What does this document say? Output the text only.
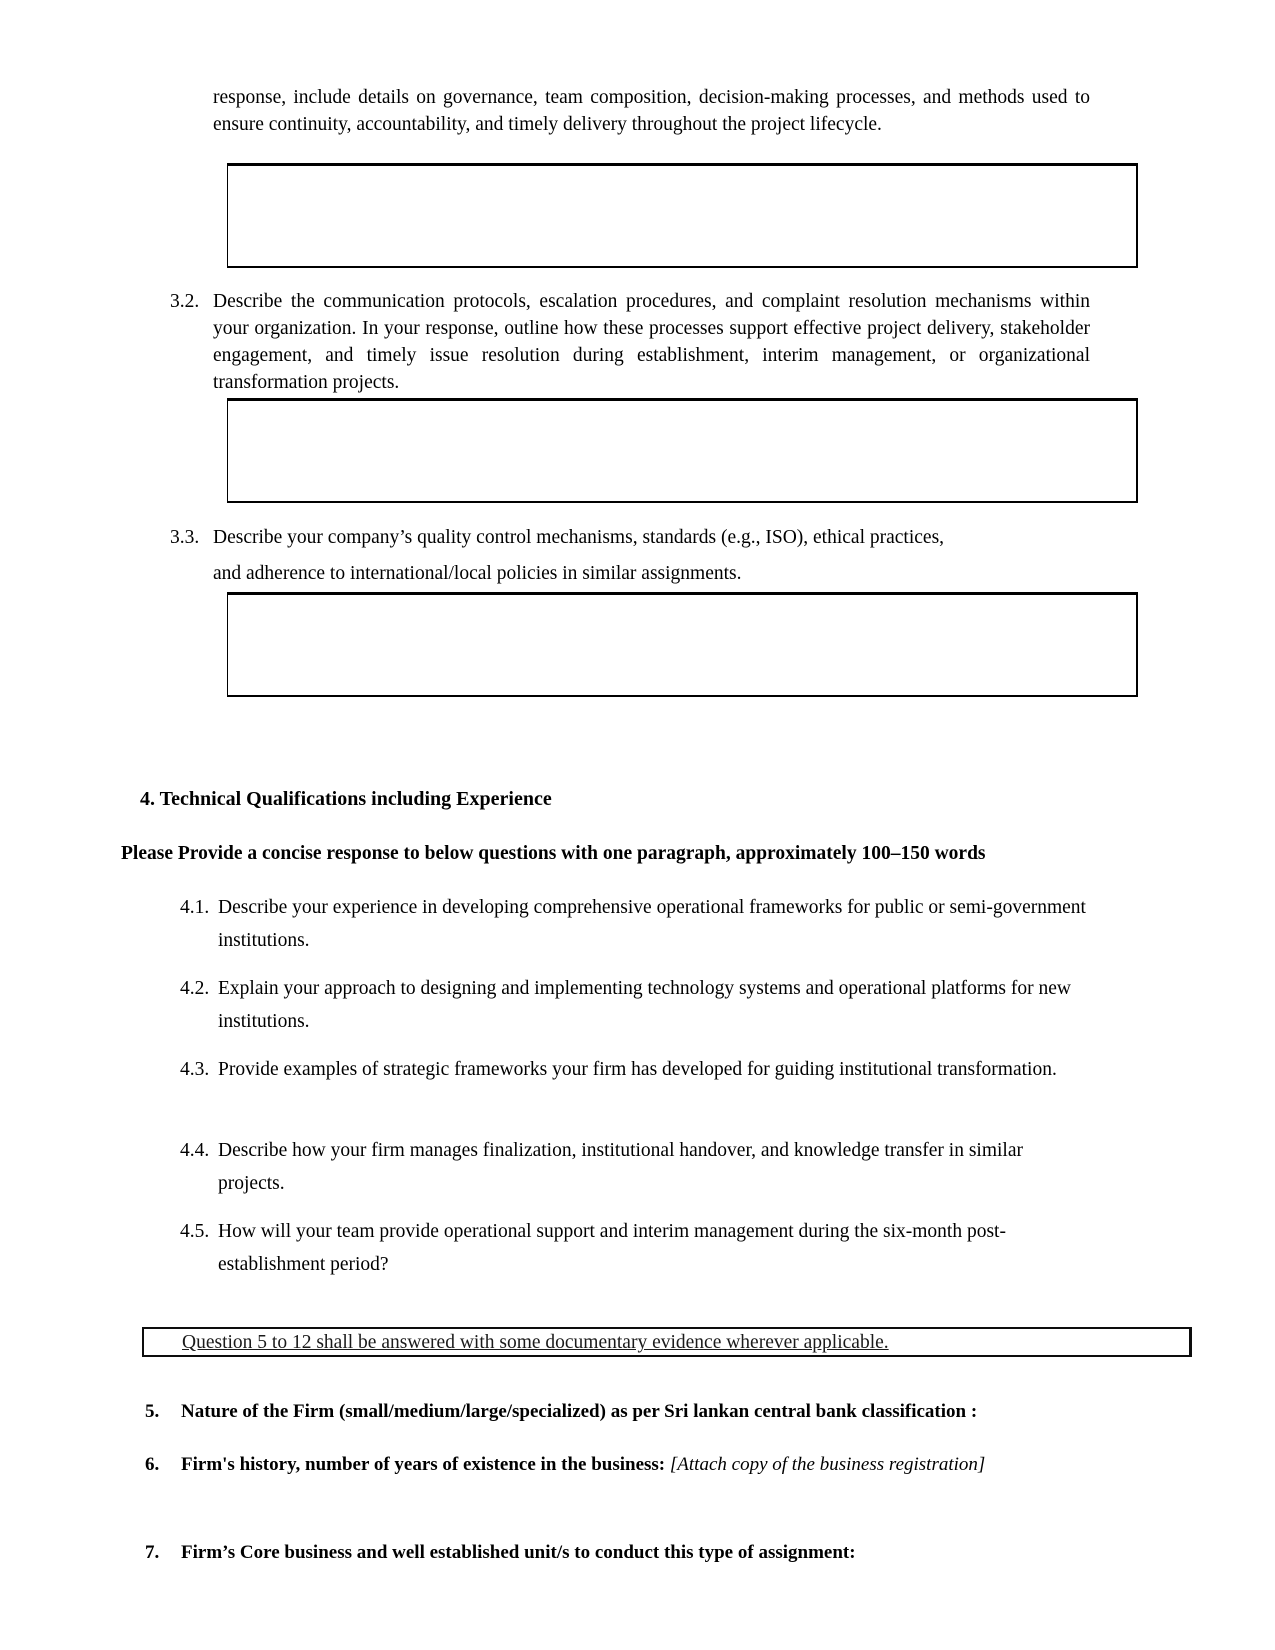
response, include details on governance, team composition, decision-making processes, and methods used to ensure continuity, accountability, and timely delivery throughout the project lifecycle.
3.2. Describe the communication protocols, escalation procedures, and complaint resolution mechanisms within your organization. In your response, outline how these processes support effective project delivery, stakeholder engagement, and timely issue resolution during establishment, interim management, or organizational transformation projects.
3.3. Describe your company’s quality control mechanisms, standards (e.g., ISO), ethical practices, and adherence to international/local policies in similar assignments.
4. Technical Qualifications including Experience
Please Provide a concise response to below questions with one paragraph, approximately 100–150 words
4.1. Describe your experience in developing comprehensive operational frameworks for public or semi-government institutions.
4.2. Explain your approach to designing and implementing technology systems and operational platforms for new institutions.
4.3. Provide examples of strategic frameworks your firm has developed for guiding institutional transformation.
4.4. Describe how your firm manages finalization, institutional handover, and knowledge transfer in similar projects.
4.5. How will your team provide operational support and interim management during the six-month post-establishment period?
Question 5 to 12 shall be answered with some documentary evidence wherever applicable.
5. Nature of the Firm (small/medium/large/specialized) as per Sri lankan central bank classification :
6. Firm's history, number of years of existence in the business: [Attach copy of the business registration]
7. Firm’s Core business and well established unit/s to conduct this type of assignment:
